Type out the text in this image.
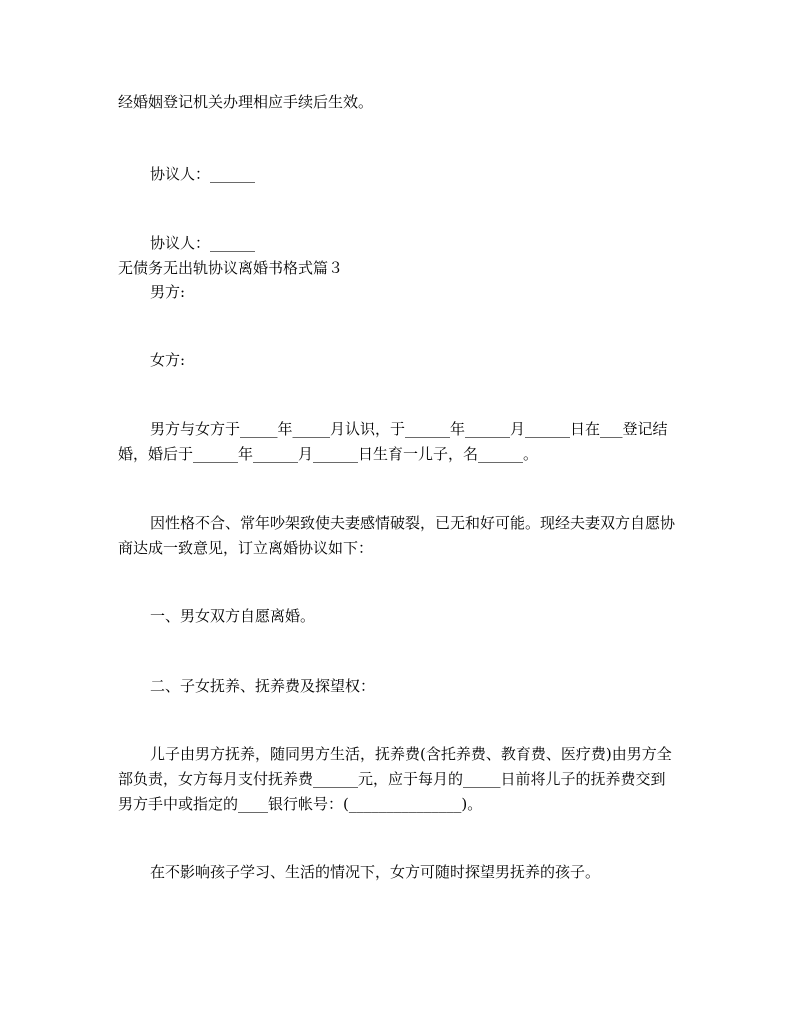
经婚姻登记机关办理相应手续后生效。
协议人：______
协议人：______
无债务无出轨协议离婚书格式篇３
男方:
女方:
男方与女方于_____年_____月认识，于______年______月______日在___登记结婚，婚后于______年______月______日生育一儿子，名______。
因性格不合、常年吵架致使夫妻感情破裂，已无和好可能。现经夫妻双方自愿协商达成一致意见，订立离婚协议如下：
一、男女双方自愿离婚。
二、子女抚养、抚养费及探望权：
儿子由男方抚养，随同男方生活，抚养费(含托养费、教育费、医疗费)由男方全部负责，女方每月支付抚养费______元，应于每月的_____日前将儿子的抚养费交到男方手中或指定的____银行帐号：(_______________)。
在不影响孩子学习、生活的情况下，女方可随时探望男抚养的孩子。
